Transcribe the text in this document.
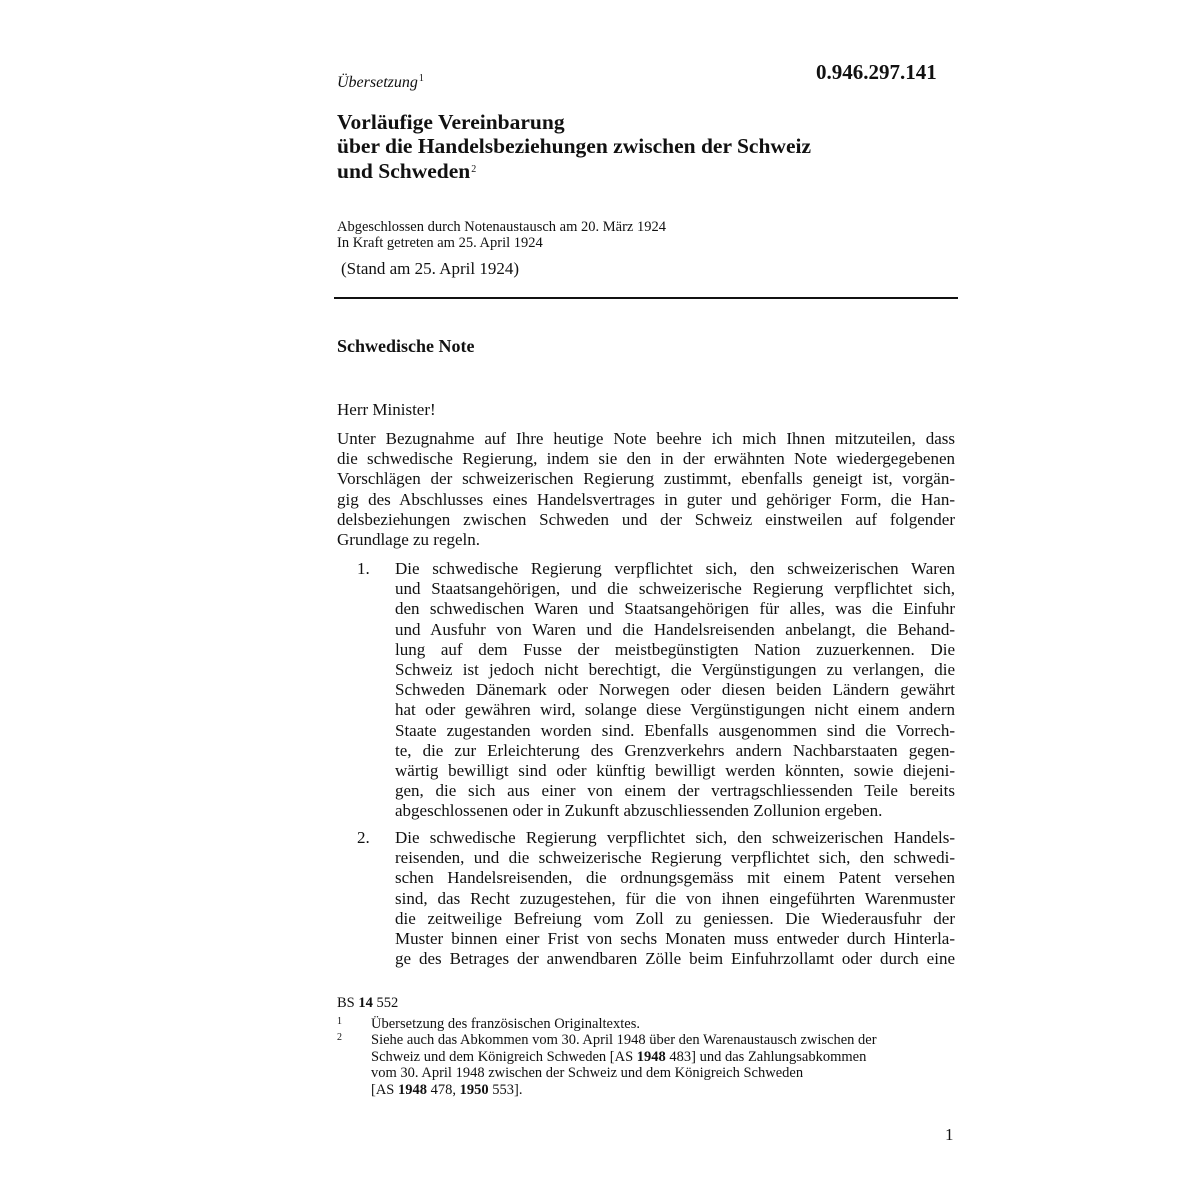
0.946.297.141
Übersetzung$^1$
Vorläufige Vereinbarung
über die Handelsbeziehungen zwischen der Schweiz
und Schweden$^2$
Abgeschlossen durch Notenaustausch am 20. März 1924
In Kraft getreten am 25. April 1924
(Stand am 25. April 1924)
Schwedische Note
Herr Minister!
Unter Bezugnahme auf Ihre heutige Note beehre ich mich Ihnen mitzuteilen, dass
die schwedische Regierung, indem sie den in der erwähnten Note wiedergegebenen
Vorschlägen der schweizerischen Regierung zustimmt, ebenfalls geneigt ist, vorgän-
gig des Abschlusses eines Handelsvertrages in guter und gehöriger Form, die Han-
delsbeziehungen zwischen Schweden und der Schweiz einstweilen auf folgender
Grundlage zu regeln.
1. Die schwedische Regierung verpflichtet sich, den schweizerischen Waren
und Staatsangehörigen, und die schweizerische Regierung verpflichtet sich,
den schwedischen Waren und Staatsangehörigen für alles, was die Einfuhr
und Ausfuhr von Waren und die Handelsreisenden anbelangt, die Behand-
lung auf dem Fusse der meistbegünstigten Nation zuzuerkennen. Die
Schweiz ist jedoch nicht berechtigt, die Vergünstigungen zu verlangen, die
Schweden Dänemark oder Norwegen oder diesen beiden Ländern gewährt
hat oder gewähren wird, solange diese Vergünstigungen nicht einem andern
Staate zugestanden worden sind. Ebenfalls ausgenommen sind die Vorrech-
te, die zur Erleichterung des Grenzverkehrs andern Nachbarstaaten gegen-
wärtig bewilligt sind oder künftig bewilligt werden könnten, sowie diejeni-
gen, die sich aus einer von einem der vertragschliessenden Teile bereits
abgeschlossenen oder in Zukunft abzuschliessenden Zollunion ergeben.
2. Die schwedische Regierung verpflichtet sich, den schweizerischen Handels-
reisenden, und die schweizerische Regierung verpflichtet sich, den schwedi-
schen Handelsreisenden, die ordnungsgemäss mit einem Patent versehen
sind, das Recht zuzugestehen, für die von ihnen eingeführten Warenmuster
die zeitweilige Befreiung vom Zoll zu geniessen. Die Wiederausfuhr der
Muster binnen einer Frist von sechs Monaten muss entweder durch Hinterla-
ge des Betrages der anwendbaren Zölle beim Einfuhrzollamt oder durch eine
BS 14 552
1 Übersetzung des französischen Originaltextes.
2 Siehe auch das Abkommen vom 30. April 1948 über den Warenaustausch zwischen der
Schweiz und dem Königreich Schweden [AS 1948 483] und das Zahlungsabkommen
vom 30. April 1948 zwischen der Schweiz und dem Königreich Schweden
[AS 1948 478, 1950 553].
1
